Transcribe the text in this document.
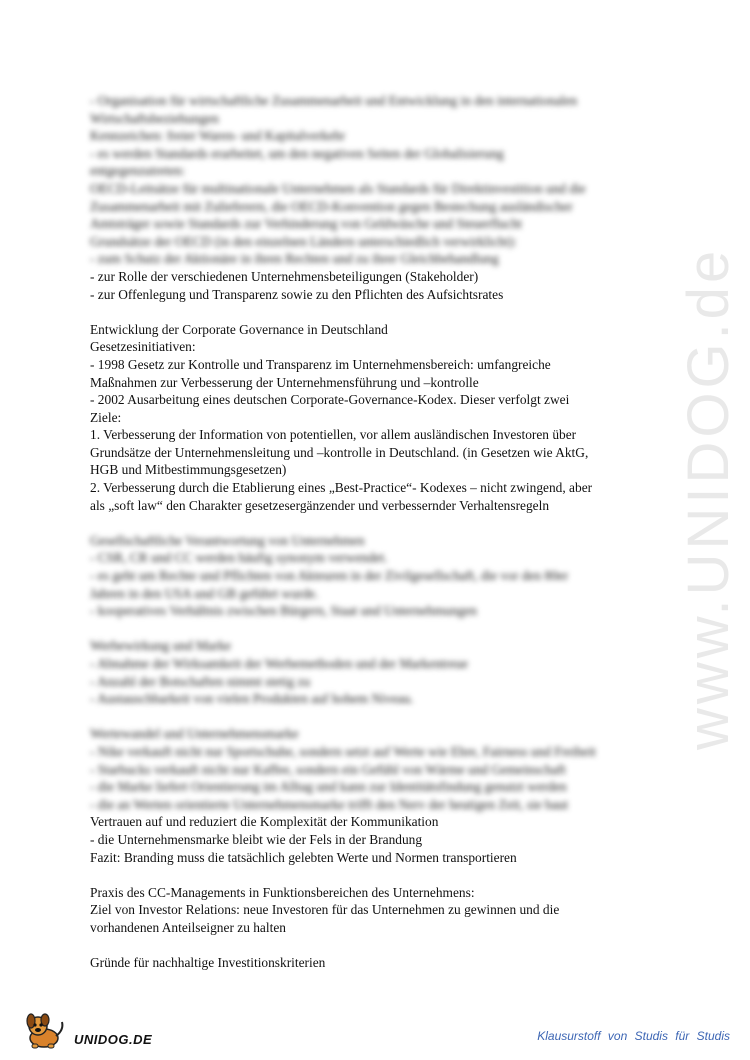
www.UNIDOG.de
- Organisation für wirtschaftliche Zusammenarbeit und Entwicklung in den internationalen
Wirtschaftsbeziehungen
Kennzeichen: freier Waren- und Kapitalverkehr
- es werden Standards erarbeitet, um den negativen Seiten der Globalisierung
entgegenzutreten:
OECD-Leitsätze für multinationale Unternehmen als Standards für Direktinvestition und die
Zusammenarbeit mit Zulieferern, die OECD-Konvention gegen Bestechung ausländischer
Amtsträger sowie Standards zur Verhinderung von Geldwäsche und Steuerflucht
Grundsätze der OECD (in den einzelnen Ländern unterschiedlich verwirklicht):
- zum Schutz der Aktionäre in ihren Rechten und zu ihrer Gleichbehandlung
- zur Rolle der verschiedenen Unternehmensbeteiligungen (Stakeholder)
- zur Offenlegung und Transparenz sowie zu den Pflichten des Aufsichtsrates
Entwicklung der Corporate Governance in Deutschland
Gesetzesinitiativen:
- 1998 Gesetz zur Kontrolle und Transparenz im Unternehmensbereich: umfangreiche
Maßnahmen zur Verbesserung der Unternehmensführung und –kontrolle
- 2002 Ausarbeitung eines deutschen Corporate-Governance-Kodex. Dieser verfolgt zwei
Ziele:
1. Verbesserung der Information von potentiellen, vor allem ausländischen Investoren über
Grundsätze der Unternehmensleitung und –kontrolle in Deutschland. (in Gesetzen wie AktG,
HGB und Mitbestimmungsgesetzen)
2. Verbesserung durch die Etablierung eines „Best-Practice“- Kodexes – nicht zwingend, aber
als „soft law“ den Charakter gesetzesergänzender und verbessernder Verhaltensregeln
Gesellschaftliche Verantwortung von Unternehmen
- CSR, CR und CC werden häufig synonym verwendet.
- es geht um Rechte und Pflichten von Akteuren in der Zivilgesellschaft, die vor den 80er
Jahren in den USA und GB geführt wurde.
- kooperatives Verhältnis zwischen Bürgern, Staat und Unternehmungen
Werbewirkung und Marke
- Abnahme der Wirksamkeit der Werbemethoden und der Markentreue
- Anzahl der Botschaften nimmt stetig zu
- Austauschbarkeit von vielen Produkten auf hohem Niveau.
Wertewandel und Unternehmensmarke
- Nike verkauft nicht nur Sportschuhe, sondern setzt auf Werte wie Ehre, Fairness und Freiheit
- Starbucks verkauft nicht nur Kaffee, sondern ein Gefühl von Wärme und Gemeinschaft
- die Marke liefert Orientierung im Alltag und kann zur Identitätsfindung genutzt werden
- die an Werten orientierte Unternehmensmarke trifft den Nerv der heutigen Zeit, sie baut
Vertrauen auf und reduziert die Komplexität der Kommunikation
- die Unternehmensmarke bleibt wie der Fels in der Brandung
Fazit: Branding muss die tatsächlich gelebten Werte und Normen transportieren
Praxis des CC-Managements in Funktionsbereichen des Unternehmens:
Ziel von Investor Relations: neue Investoren für das Unternehmen zu gewinnen und die
vorhandenen Anteilseigner zu halten
Gründe für nachhaltige Investitionskriterien
UNIDOG.DE	Klausurstoff von Studis für Studis
